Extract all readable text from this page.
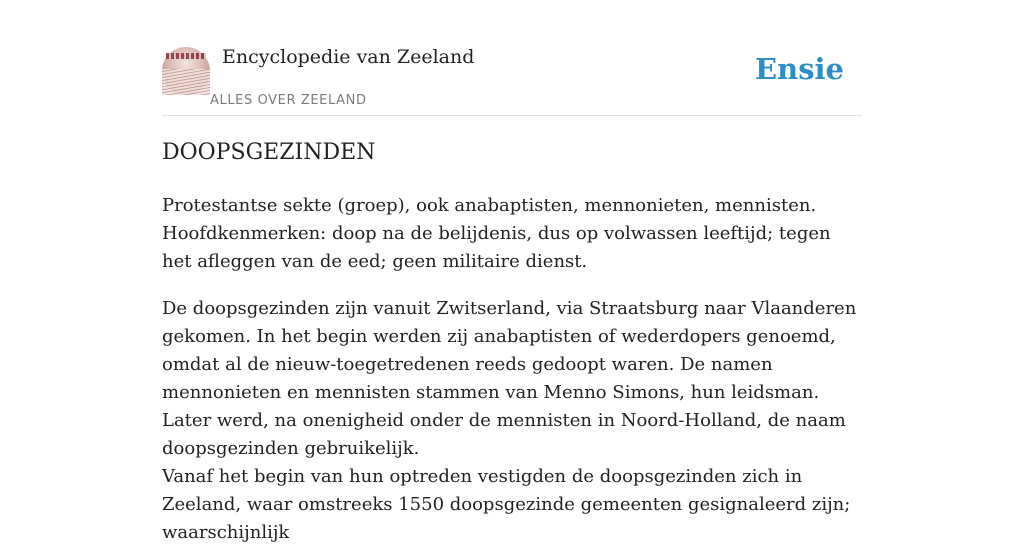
Encyclopedie van Zeeland
ALLES OVER ZEELAND
Ensie
DOOPSGEZINDEN

Protestantse sekte (groep), ook anabaptisten, mennonieten, mennisten. Hoofdkenmerken: doop na de belijdenis, dus op volwassen leeftijd; tegen het afleggen van de eed; geen militaire dienst.

De doopsgezinden zijn vanuit Zwitserland, via Straatsburg naar Vlaanderen gekomen. In het begin werden zij anabaptisten of wederdopers genoemd, omdat al de nieuw-toegetredenen reeds gedoopt waren. De namen mennonieten en mennisten stammen van Menno Simons, hun leidsman. Later werd, na onenigheid onder de mennisten in Noord-Holland, de naam doopsgezinden gebruikelijk.

Vanaf het begin van hun optreden vestigden de doopsgezinden zich in Zeeland, waar omstreeks 1550 doopsgezinde gemeenten gesignaleerd zijn; waarschijnlijk
